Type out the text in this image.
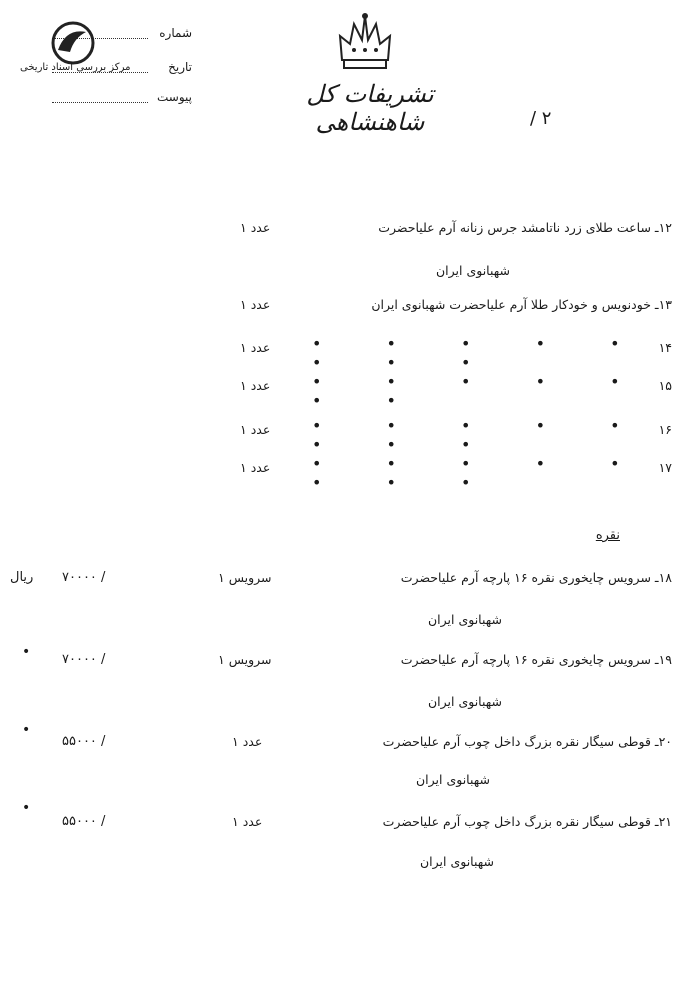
شماره
تاریخ
پیوست
مرکز بررسی اسناد تاریخی
تشریفات کل شاهنشاهی	/ ۲
۱۲ـ ساعت طلای زرد ناتامشد جرس زنانه آرم علیاحضرت
۱ عدد
شهبانوی ایران
۱۳ـ خودنویس و خودکار طلا آرم علیاحضرت شهبانوی ایران
۱ عدد
۱۴
• • • • • • • •
۱ عدد
۱۵
• • • • • • •
۱ عدد
۱۶
• • • • • • • •
۱ عدد
۱۷
• • • • • • • •
۱ عدد
نقره
۱۸ـ سرویس چایخوری نقره ۱۶ پارچه آرم علیاحضرت
۱ سرویس
۷۰۰۰۰ /
ریال
شهبانوی ایران
۱۹ـ سرویس چایخوری نقره ۱۶ پارچه آرم علیاحضرت
۱ سرویس
۷۰۰۰۰ /
•
شهبانوی ایران
۲۰ـ قوطی سیگار نقره بزرگ داخل چوب آرم علیاحضرت
۱ عدد
۵۵۰۰۰ /
•
شهبانوی ایران
۲۱ـ قوطی سیگار نقره بزرگ داخل چوب آرم علیاحضرت
۱ عدد
۵۵۰۰۰ /
•
شهبانوی ایران
